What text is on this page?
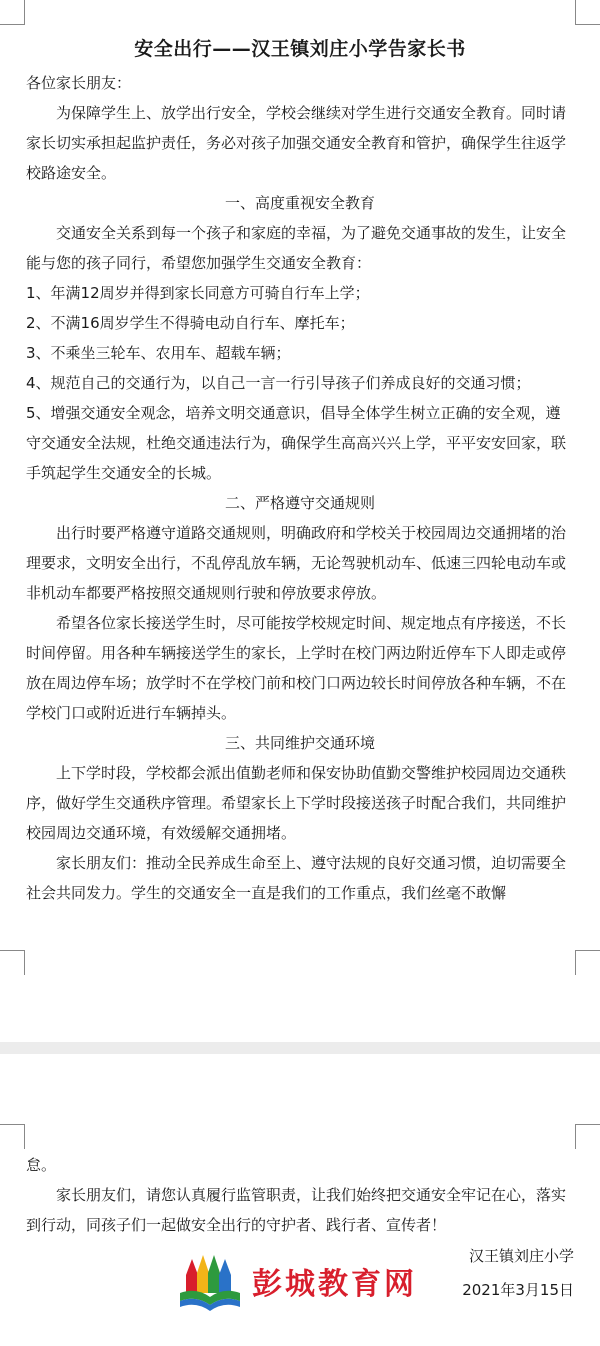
安全出行——汉王镇刘庄小学告家长书

各位家长朋友：

为保障学生上、放学出行安全，学校会继续对学生进行交通安全教育。同时请家长切实承担起监护责任，务必对孩子加强交通安全教育和管护，确保学生往返学校路途安全。

一、高度重视安全教育

交通安全关系到每一个孩子和家庭的幸福，为了避免交通事故的发生，让安全能与您的孩子同行，希望您加强学生交通安全教育：

1、年满12周岁并得到家长同意方可骑自行车上学；

2、不满16周岁学生不得骑电动自行车、摩托车；

3、不乘坐三轮车、农用车、超载车辆；

4、规范自己的交通行为，以自己一言一行引导孩子们养成良好的交通习惯；

5、增强交通安全观念，培养文明交通意识，倡导全体学生树立正确的安全观，遵守交通安全法规，杜绝交通违法行为，确保学生高高兴兴上学，平平安安回家，联手筑起学生交通安全的长城。

二、严格遵守交通规则

出行时要严格遵守道路交通规则，明确政府和学校关于校园周边交通拥堵的治理要求，文明安全出行，不乱停乱放车辆，无论驾驶机动车、低速三四轮电动车或非机动车都要严格按照交通规则行驶和停放要求停放。

希望各位家长接送学生时，尽可能按学校规定时间、规定地点有序接送，不长时间停留。用各种车辆接送学生的家长，上学时在校门两边附近停车下人即走或停放在周边停车场；放学时不在学校门前和校门口两边较长时间停放各种车辆，不在学校门口或附近进行车辆掉头。

三、共同维护交通环境

上下学时段，学校都会派出值勤老师和保安协助值勤交警维护校园周边交通秩序，做好学生交通秩序管理。希望家长上下学时段接送孩子时配合我们，共同维护校园周边交通环境，有效缓解交通拥堵。

家长朋友们：推动全民养成生命至上、遵守法规的良好交通习惯，迫切需要全社会共同发力。学生的交通安全一直是我们的工作重点，我们丝毫不敢懈

怠。

家长朋友们，请您认真履行监管职责，让我们始终把交通安全牢记在心，落实到行动，同孩子们一起做安全出行的守护者、践行者、宣传者！

汉王镇刘庄小学
2021年3月15日
彭城教育网
